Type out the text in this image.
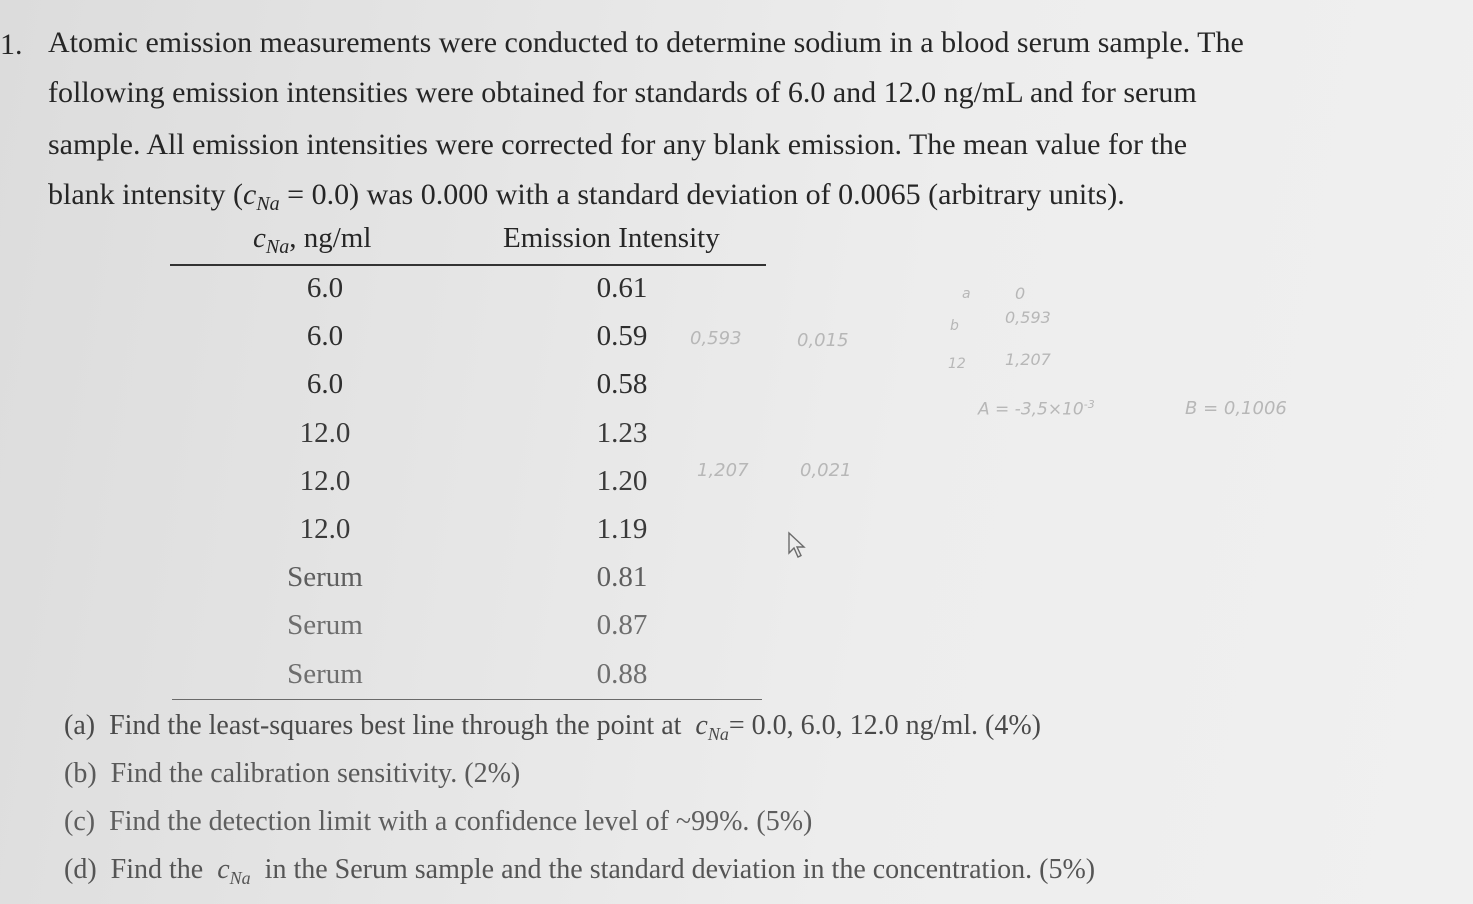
1. Atomic emission measurements were conducted to determine sodium in a blood serum sample. The
following emission intensities were obtained for standards of 6.0 and 12.0 ng/mL and for serum
sample. All emission intensities were corrected for any blank emission. The mean value for the
blank intensity $(c_{Na} = 0.0)$ was 0.000 with a standard deviation of 0.0065 (arbitrary units).
$c_{Na}$, ng/ml	Emission Intensity
6.0	0.61
6.0	0.59
6.0	0.58
12.0	1.23
12.0	1.20
12.0	1.19
Serum	0.81
Serum	0.87
Serum	0.88
(a) Find the least-squares best line through the point at $c_{Na}= 0.0$, 6.0, 12.0 ng/ml. (4%)
(b) Find the calibration sensitivity. (2%)
(c) Find the detection limit with a confidence level of ~99%. (5%)
(d) Find the $c_{Na}$ in the Serum sample and the standard deviation in the concentration. (5%)
0,593	0,015
1,207	0,021
a	0
b	0,593
12 1,207
$A = -3,5\times 10^{-3}$	B = 0,1006
